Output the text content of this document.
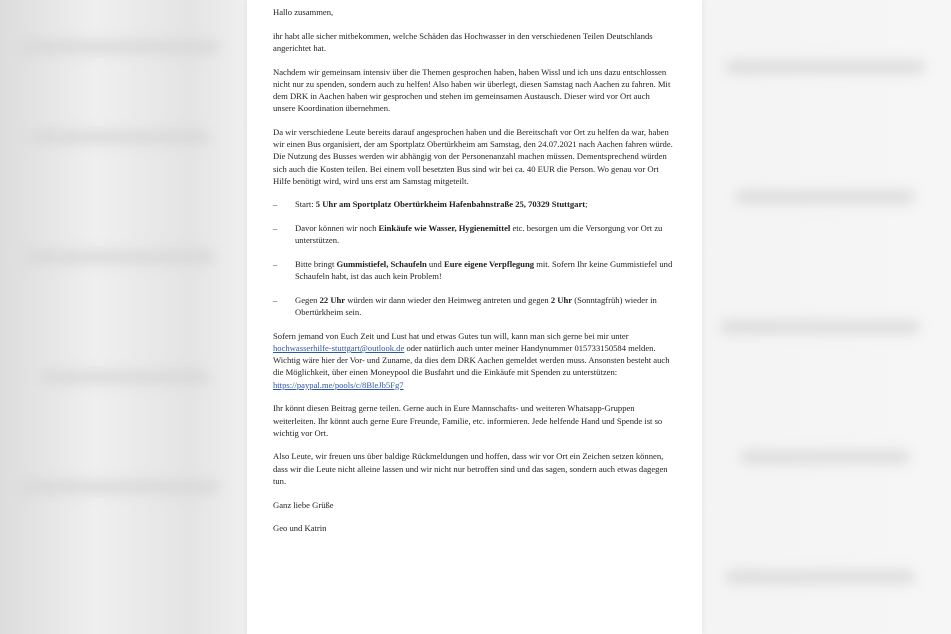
Hallo zusammen,

ihr habt alle sicher mitbekommen, welche Schäden das Hochwasser in den verschiedenen Teilen Deutschlands angerichtet hat.

Nachdem wir gemeinsam intensiv über die Themen gesprochen haben, haben Wissl und ich uns dazu entschlossen nicht nur zu spenden, sondern auch zu helfen! Also haben wir überlegt, diesen Samstag nach Aachen zu fahren. Mit dem DRK in Aachen haben wir gesprochen und stehen im gemeinsamen Austausch. Dieser wird vor Ort auch unsere Koordination übernehmen.

Da wir verschiedene Leute bereits darauf angesprochen haben und die Bereitschaft vor Ort zu helfen da war, haben wir einen Bus organisiert, der am Sportplatz Obertürkheim am Samstag, den 24.07.2021 nach Aachen fahren würde. Die Nutzung des Busses werden wir abhängig von der Personenanzahl machen müssen. Dementsprechend würden sich auch die Kosten teilen. Bei einem voll besetzten Bus sind wir bei ca. 40 EUR die Person. Wo genau vor Ort Hilfe benötigt wird, wird uns erst am Samstag mitgeteilt.

– Start: 5 Uhr am Sportplatz Obertürkheim Hafenbahnstraße 25, 70329 Stuttgart;
– Davor können wir noch Einkäufe wie Wasser, Hygienemittel etc. besorgen um die Versorgung vor Ort zu unterstützen.
– Bitte bringt Gummistiefel, Schaufeln und Eure eigene Verpflegung mit. Sofern Ihr keine Gummistiefel und Schaufeln habt, ist das auch kein Problem!
– Gegen 22 Uhr würden wir dann wieder den Heimweg antreten und gegen 2 Uhr (Sonntagfrüh) wieder in Obertürkheim sein.

Sofern jemand von Euch Zeit und Lust hat und etwas Gutes tun will, kann man sich gerne bei mir unter hochwasserhilfe-stuttgart@outlook.de oder natürlich auch unter meiner Handynummer 015733150584 melden. Wichtig wäre hier der Vor- und Zuname, da dies dem DRK Aachen gemeldet werden muss. Ansonsten besteht auch die Möglichkeit, über einen Moneypool die Busfahrt und die Einkäufe mit Spenden zu unterstützen:
https://paypal.me/pools/c/8BleJb5Fg7

Ihr könnt diesen Beitrag gerne teilen. Gerne auch in Eure Mannschafts- und weiteren Whatsapp-Gruppen weiterleiten. Ihr könnt auch gerne Eure Freunde, Familie, etc. informieren. Jede helfende Hand und Spende ist so wichtig vor Ort.

Also Leute, wir freuen uns über baldige Rückmeldungen und hoffen, dass wir vor Ort ein Zeichen setzen können, dass wir die Leute nicht alleine lassen und wir nicht nur betroffen sind und das sagen, sondern auch etwas dagegen tun.

Ganz liebe Grüße

Geo und Katrin
